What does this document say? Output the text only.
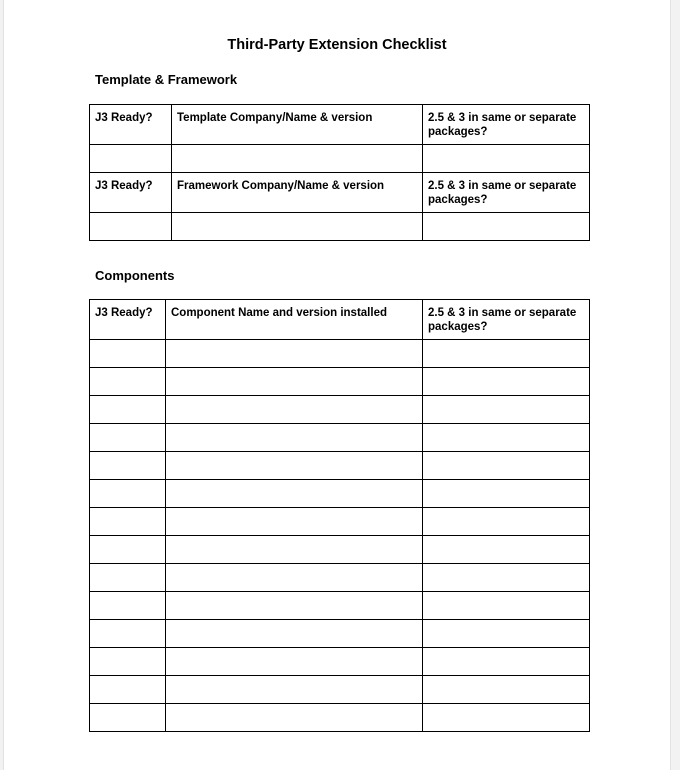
Third-Party Extension Checklist
Template & Framework
J3 Ready?	Template Company/Name & version	2.5 & 3 in same or separate packages?

J3 Ready?	Framework Company/Name & version	2.5 & 3 in same or separate packages?

Components
J3 Ready?	Component Name and version installed	2.5 & 3 in same or separate packages?
